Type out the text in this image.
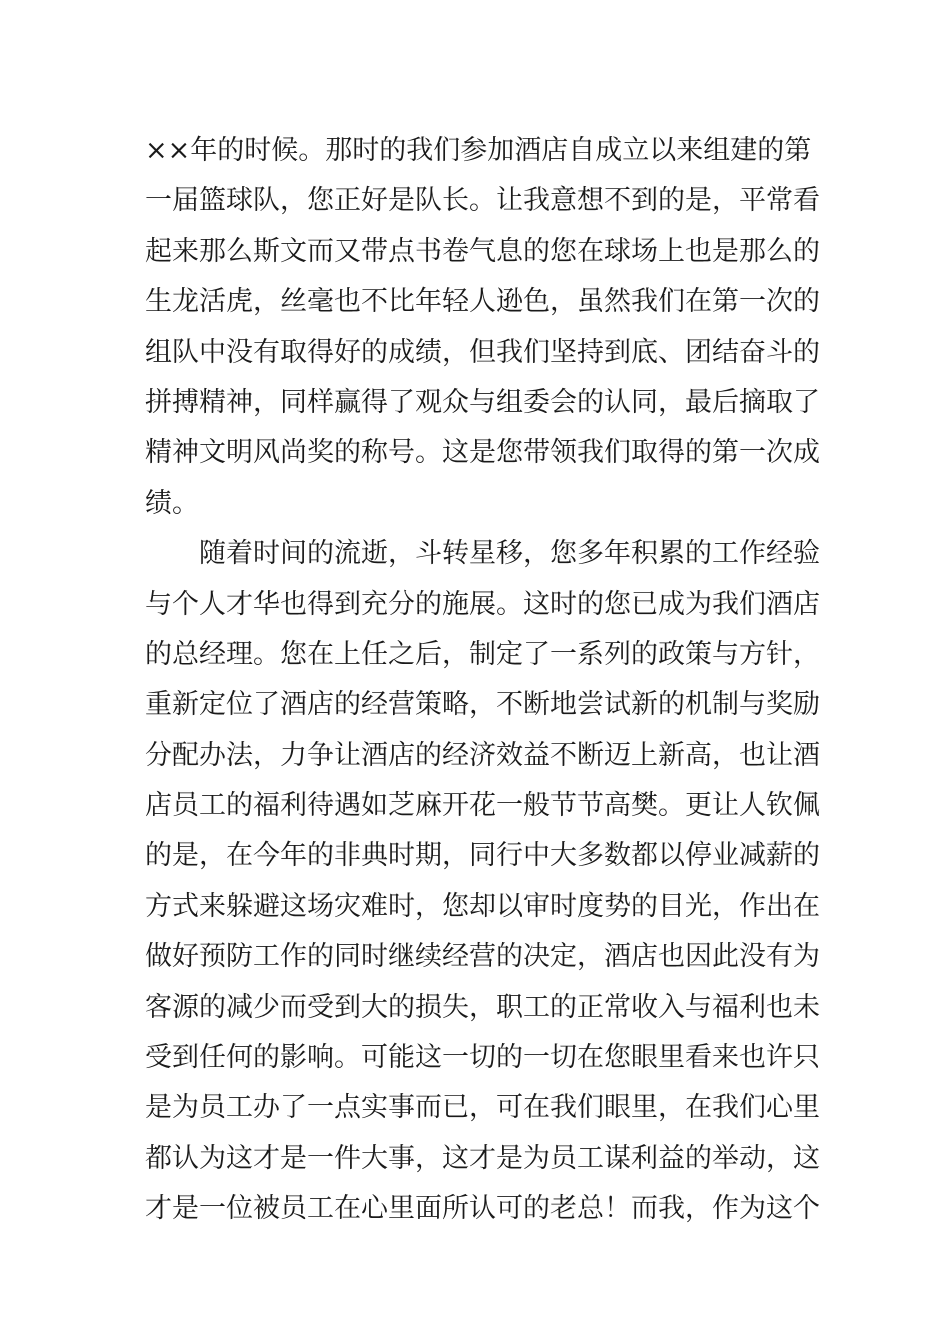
××年的时候。那时的我们参加酒店自成立以来组建的第
一届篮球队，您正好是队长。让我意想不到的是，平常看
起来那么斯文而又带点书卷气息的您在球场上也是那么的
生龙活虎，丝毫也不比年轻人逊色，虽然我们在第一次的
组队中没有取得好的成绩，但我们坚持到底、团结奋斗的
拼搏精神，同样赢得了观众与组委会的认同，最后摘取了
精神文明风尚奖的称号。这是您带领我们取得的第一次成
绩。
随着时间的流逝，斗转星移，您多年积累的工作经验
与个人才华也得到充分的施展。这时的您已成为我们酒店
的总经理。您在上任之后，制定了一系列的政策与方针，
重新定位了酒店的经营策略，不断地尝试新的机制与奖励
分配办法，力争让酒店的经济效益不断迈上新高，也让酒
店员工的福利待遇如芝麻开花一般节节高樊。更让人钦佩
的是，在今年的非典时期，同行中大多数都以停业减薪的
方式来躲避这场灾难时，您却以审时度势的目光，作出在
做好预防工作的同时继续经营的决定，酒店也因此没有为
客源的减少而受到大的损失，职工的正常收入与福利也未
受到任何的影响。可能这一切的一切在您眼里看来也许只
是为员工办了一点实事而已，可在我们眼里，在我们心里
都认为这才是一件大事，这才是为员工谋利益的举动，这
才是一位被员工在心里面所认可的老总！而我，作为这个
